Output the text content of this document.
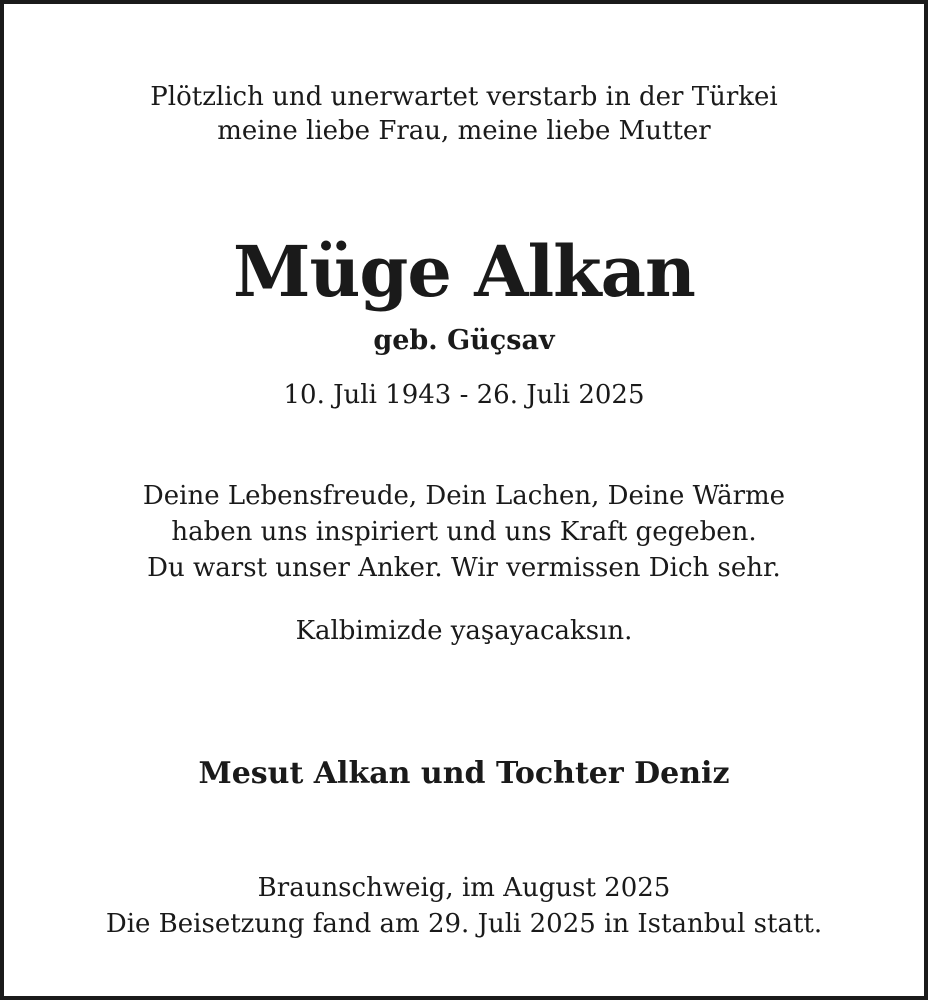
Plötzlich und unerwartet verstarb in der Türkei
meine liebe Frau, meine liebe Mutter

Müge Alkan

geb. Güçsav

10. Juli 1943 - 26. Juli 2025

Deine Lebensfreude, Dein Lachen, Deine Wärme
haben uns inspiriert und uns Kraft gegeben.
Du warst unser Anker. Wir vermissen Dich sehr.

Kalbimizde yaşayacaksın.

Mesut Alkan und Tochter Deniz

Braunschweig, im August 2025
Die Beisetzung fand am 29. Juli 2025 in Istanbul statt.
